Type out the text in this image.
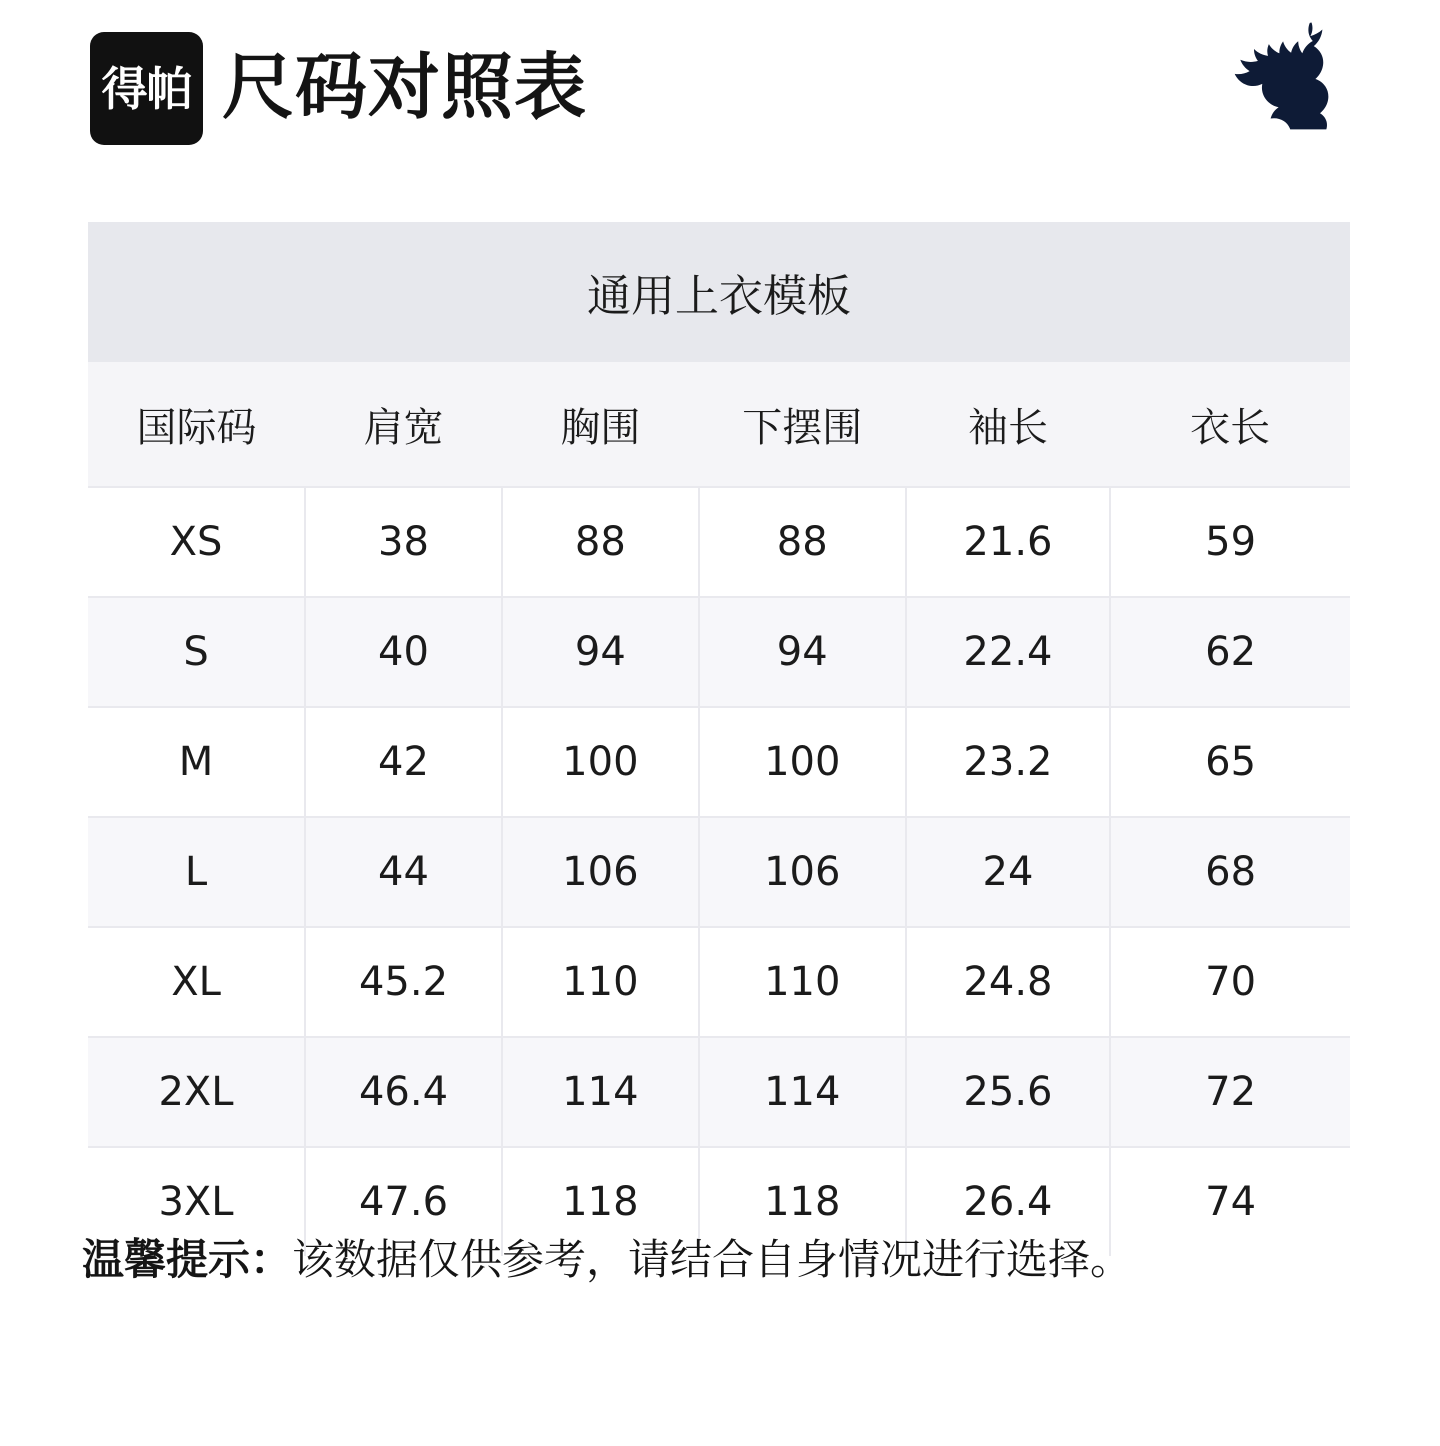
得帕 尺码对照表
通用上衣模板
国际码	肩宽	胸围	下摆围	袖长	衣长
XS	38	88	88	21.6	59
S	40	94	94	22.4	62
M	42	100	100	23.2	65
L	44	106	106	24	68
XL	45.2	110	110	24.8	70
2XL	46.4	114	114	25.6	72
3XL	47.6	118	118	26.4	74
温馨提示：该数据仅供参考，请结合自身情况进行选择。
